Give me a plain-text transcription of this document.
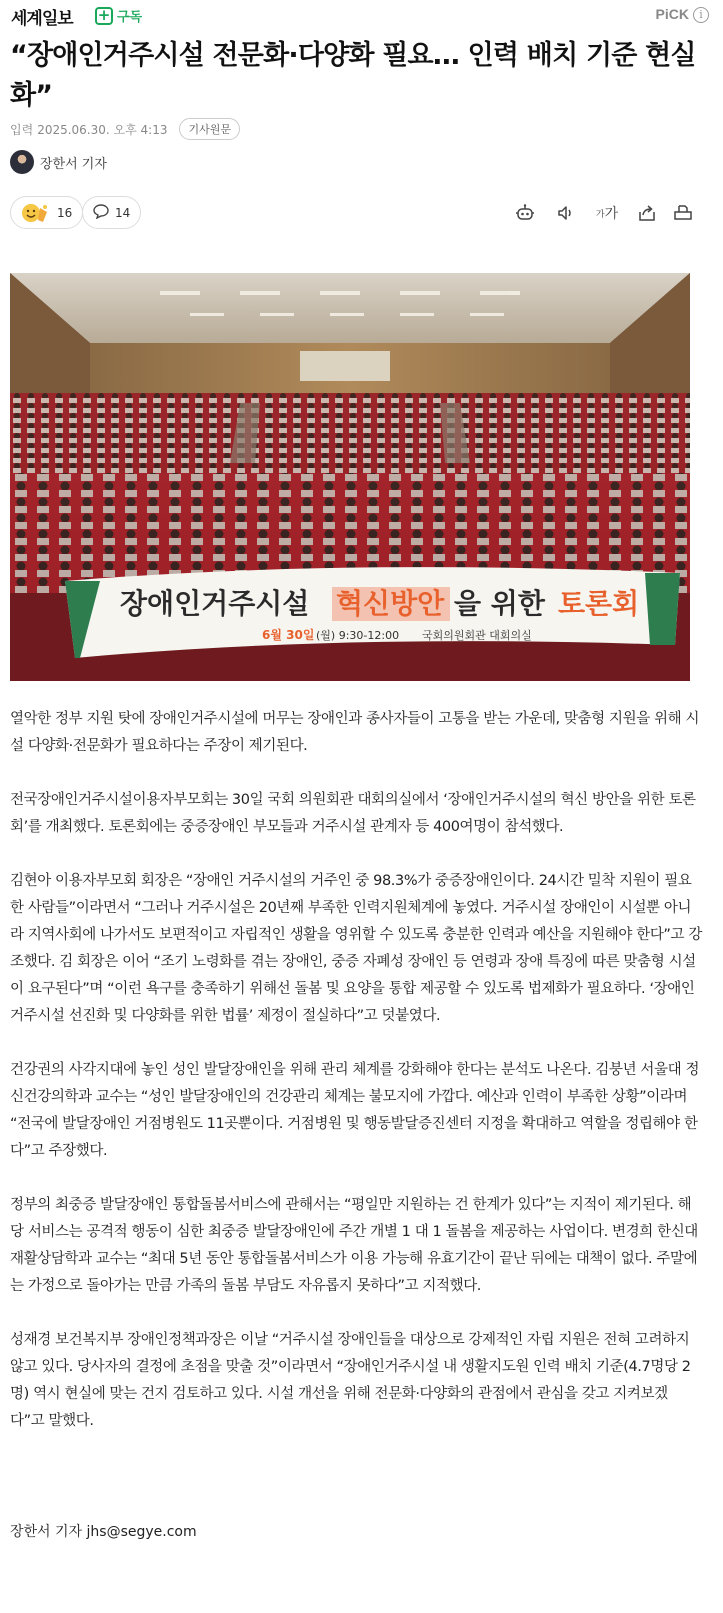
세계일보 + 구독	PiCK i
“장애인거주시설 전문화·다양화 필요… 인력 배치 기준 현실화”
입력 2025.06.30. 오후 4:13	기사원문
장한서 기자
16	14	가 가
장애인거주시설 혁신방안 을 위한 토론회
6월 30일 (월) 9:30-12:00 국회의원회관 대회의실

열악한 정부 지원 탓에 장애인거주시설에 머무는 장애인과 종사자들이 고통을 받는 가운데, 맞춤형 지원을 위해 시설 다양화·전문화가 필요하다는 주장이 제기된다.

전국장애인거주시설이용자부모회는 30일 국회 의원회관 대회의실에서 ‘장애인거주시설의 혁신 방안을 위한 토론회’를 개최했다. 토론회에는 중증장애인 부모들과 거주시설 관계자 등 400여명이 참석했다.

김현아 이용자부모회 회장은 “장애인 거주시설의 거주인 중 98.3%가 중증장애인이다. 24시간 밀착 지원이 필요한 사람들”이라면서 “그러나 거주시설은 20년째 부족한 인력지원체계에 놓였다. 거주시설 장애인이 시설뿐 아니라 지역사회에 나가서도 보편적이고 자립적인 생활을 영위할 수 있도록 충분한 인력과 예산을 지원해야 한다”고 강조했다. 김 회장은 이어 “조기 노령화를 겪는 장애인, 중증 자폐성 장애인 등 연령과 장애 특징에 따른 맞춤형 시설이 요구된다”며 “이런 욕구를 충족하기 위해선 돌봄 및 요양을 통합 제공할 수 있도록 법제화가 필요하다. ‘장애인 거주시설 선진화 및 다양화를 위한 법률’ 제정이 절실하다”고 덧붙였다.

건강권의 사각지대에 놓인 성인 발달장애인을 위해 관리 체계를 강화해야 한다는 분석도 나온다. 김붕년 서울대 정신건강의학과 교수는 “성인 발달장애인의 건강관리 체계는 불모지에 가깝다. 예산과 인력이 부족한 상황”이라며 “전국에 발달장애인 거점병원도 11곳뿐이다. 거점병원 및 행동발달증진센터 지정을 확대하고 역할을 정립해야 한다”고 주장했다.

정부의 최중증 발달장애인 통합돌봄서비스에 관해서는 “평일만 지원하는 건 한계가 있다”는 지적이 제기된다. 해당 서비스는 공격적 행동이 심한 최중증 발달장애인에 주간 개별 1 대 1 돌봄을 제공하는 사업이다. 변경희 한신대 재활상담학과 교수는 “최대 5년 동안 통합돌봄서비스가 이용 가능해 유효기간이 끝난 뒤에는 대책이 없다. 주말에는 가정으로 돌아가는 만큼 가족의 돌봄 부담도 자유롭지 못하다”고 지적했다.

성재경 보건복지부 장애인정책과장은 이날 “거주시설 장애인들을 대상으로 강제적인 자립 지원은 전혀 고려하지 않고 있다. 당사자의 결정에 초점을 맞출 것”이라면서 “장애인거주시설 내 생활지도원 인력 배치 기준(4.7명당 2명) 역시 현실에 맞는 건지 검토하고 있다. 시설 개선을 위해 전문화·다양화의 관점에서 관심을 갖고 지켜보겠다”고 말했다.

장한서 기자 jhs@segye.com
